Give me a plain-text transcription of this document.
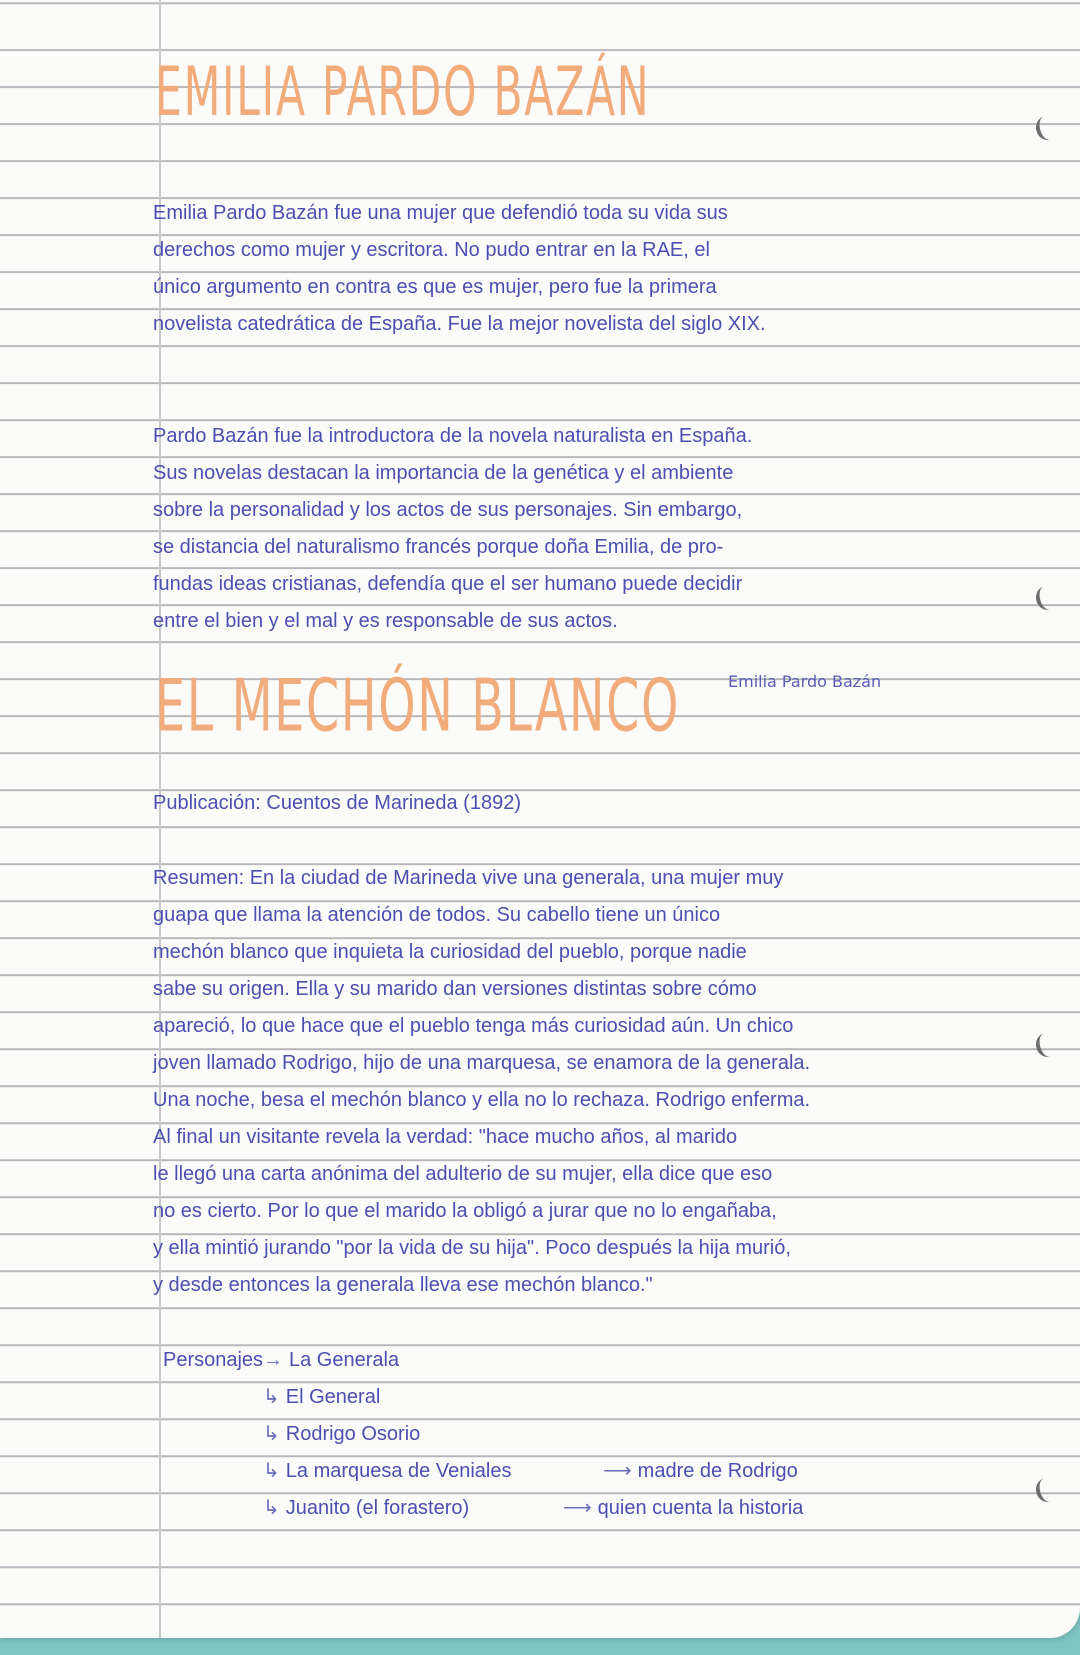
EMILIA PARDO BAZÁN

Emilia Pardo Bazán fue una mujer que defendió toda su vida sus
derechos como mujer y escritora. No pudo entrar en la RAE, el
único argumento en contra es que es mujer, pero fue la primera
novelista catedrática de España. Fue la mejor novelista del siglo XIX.

Pardo Bazán fue la introductora de la novela naturalista en España.
Sus novelas destacan la importancia de la genética y el ambiente
sobre la personalidad y los actos de sus personajes. Sin embargo,
se distancia del naturalismo francés porque doña Emilia, de pro-
fundas ideas cristianas, defendía que el ser humano puede decidir
entre el bien y el mal y es responsable de sus actos.

EL MECHÓN BLANCO	Emilia Pardo Bazán

Publicación: Cuentos de Marineda (1892)

Resumen: En la ciudad de Marineda vive una generala, una mujer muy
guapa que llama la atención de todos. Su cabello tiene un único
mechón blanco que inquieta la curiosidad del pueblo, porque nadie
sabe su origen. Ella y su marido dan versiones distintas sobre cómo
apareció, lo que hace que el pueblo tenga más curiosidad aún. Un chico
joven llamado Rodrigo, hijo de una marquesa, se enamora de la generala.
Una noche, besa el mechón blanco y ella no lo rechaza. Rodrigo enferma.
Al final un visitante revela la verdad: "hace mucho años, al marido
le llegó una carta anónima del adulterio de su mujer, ella dice que eso
no es cierto. Por lo que el marido la obligó a jurar que no lo engañaba,
y ella mintió jurando "por la vida de su hija". Poco después la hija murió,
y desde entonces la generala lleva ese mechón blanco."

Personajes → La Generala
↳ El General
↳ Rodrigo Osorio
↳ La marquesa de Veniales	⟶ madre de Rodrigo
↳ Juanito (el forastero)	⟶ quien cuenta la historia
